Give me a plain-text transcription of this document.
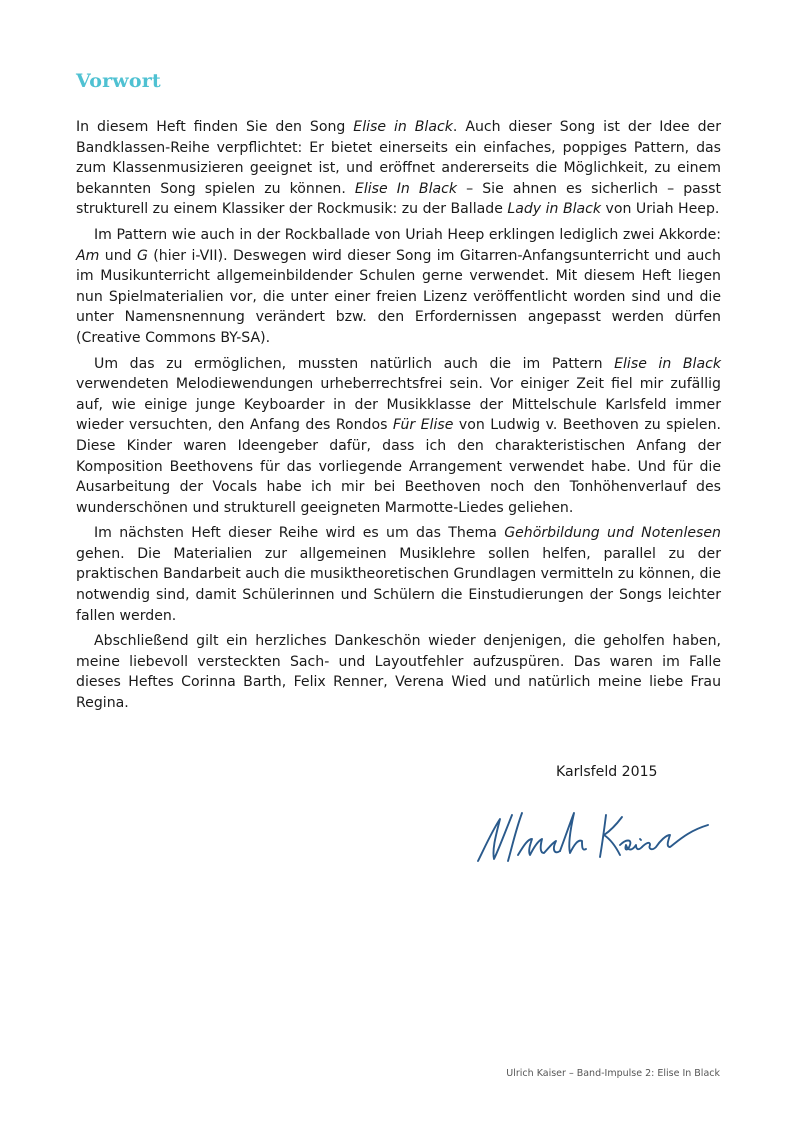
Vorwort

In diesem Heft finden Sie den Song Elise in Black. Auch dieser Song ist der Idee der Bandklassen-Reihe verpflichtet: Er bietet einerseits ein einfaches, poppiges Pattern, das zum Klassenmusizieren geeignet ist, und eröffnet andererseits die Möglichkeit, zu einem bekannten Song spielen zu können. Elise In Black – Sie ahnen es sicherlich – passt strukturell zu einem Klassiker der Rockmusik: zu der Ballade Lady in Black von Uriah Heep.

Im Pattern wie auch in der Rockballade von Uriah Heep erklingen lediglich zwei Akkorde: Am und G (hier i-VII). Deswegen wird dieser Song im Gitarren-Anfangsunterricht und auch im Musikunterricht allgemeinbildender Schulen gerne verwendet. Mit diesem Heft liegen nun Spielmaterialien vor, die unter einer freien Lizenz veröffentlicht worden sind und die unter Namensnennung verändert bzw. den Erfordernissen angepasst werden dürfen (Creative Commons BY-SA).

Um das zu ermöglichen, mussten natürlich auch die im Pattern Elise in Black verwendeten Melodiewendungen urheberrechtsfrei sein. Vor einiger Zeit fiel mir zufällig auf, wie einige junge Keyboarder in der Musikklasse der Mittelschule Karlsfeld immer wieder versuchten, den Anfang des Rondos Für Elise von Ludwig v. Beethoven zu spielen. Diese Kinder waren Ideengeber dafür, dass ich den charakteristischen Anfang der Komposition Beethovens für das vorliegende Arrangement verwendet habe. Und für die Ausarbeitung der Vocals habe ich mir bei Beethoven noch den Tonhöhenverlauf des wunderschönen und strukturell geeigneten Marmotte-Liedes geliehen.

Im nächsten Heft dieser Reihe wird es um das Thema Gehörbildung und Notenlesen gehen. Die Materialien zur allgemeinen Musiklehre sollen helfen, parallel zu der praktischen Bandarbeit auch die musiktheoretischen Grundlagen vermitteln zu können, die notwendig sind, damit Schülerinnen und Schülern die Einstudierungen der Songs leichter fallen werden.

Abschließend gilt ein herzliches Dankeschön wieder denjenigen, die geholfen haben, meine liebevoll versteckten Sach- und Layoutfehler aufzuspüren. Das waren im Falle dieses Heftes Corinna Barth, Felix Renner, Verena Wied und natürlich meine liebe Frau Regina.

Karlsfeld 2015
Ulrich Kaiser – Band-Impulse 2: Elise In Black
